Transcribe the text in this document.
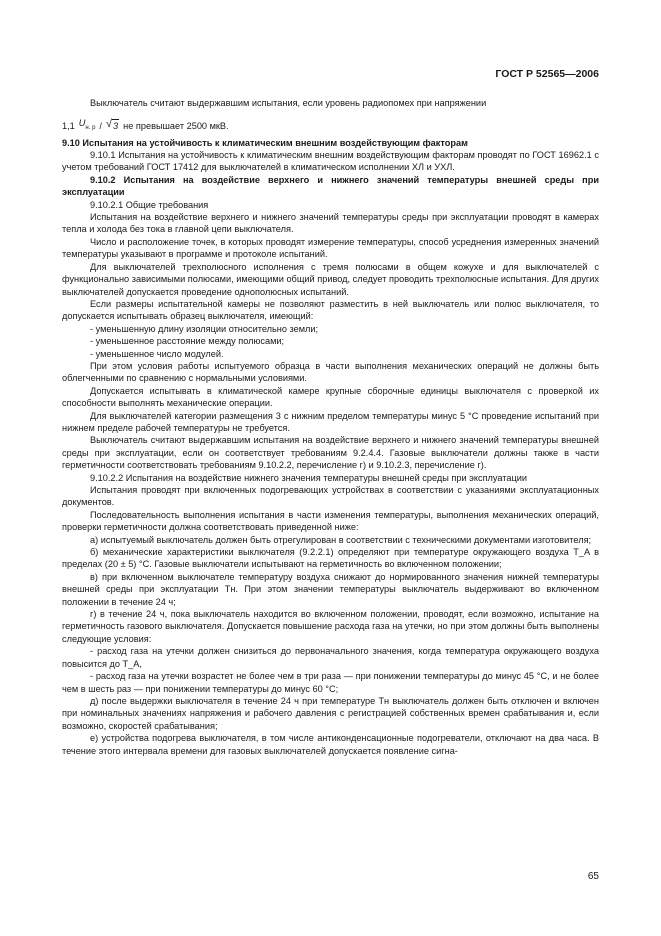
ГОСТ Р 52565—2006

Выключатель считают выдержавшим испытания, если уровень радиопомех при напряжении

1,1 $U_{н. р}$ / √ 3 не превышает 2500 мкВ.

9.10 Испытания на устойчивость к климатическим внешним воздействующим факторам

9.10.1 Испытания на устойчивость к климатическим внешним воздействующим факторам проводят по ГОСТ 16962.1 с учетом требований ГОСТ 17412 для выключателей в климатическом исполнении ХЛ и УХЛ.

9.10.2 Испытания на воздействие верхнего и нижнего значений температуры внешней среды при эксплуатации

9.10.2.1 Общие требования

Испытания на воздействие верхнего и нижнего значений температуры среды при эксплуатации проводят в камерах тепла и холода без тока в главной цепи выключателя.

Число и расположение точек, в которых проводят измерение температуры, способ усреднения измеренных значений температуры указывают в программе и протоколе испытаний.

Для выключателей трехполюсного исполнения с тремя полюсами в общем кожухе и для выключателей с функционально зависимыми полюсами, имеющими общий привод, следует проводить трехполюсные испытания. Для других выключателей допускается проведение однополюсных испытаний.

Если размеры испытательной камеры не позволяют разместить в ней выключатель или полюс выключателя, то допускается испытывать образец выключателя, имеющий:

- уменьшенную длину изоляции относительно земли;

- уменьшенное расстояние между полюсами;

- уменьшенное число модулей.

При этом условия работы испытуемого образца в части выполнения механических операций не должны быть облегченными по сравнению с нормальными условиями.

Допускается испытывать в климатической камере крупные сборочные единицы выключателя с проверкой их способности выполнять механические операции.

Для выключателей категории размещения 3 с нижним пределом температуры минус 5 °С проведение испытаний при нижнем пределе рабочей температуры не требуется.

Выключатель считают выдержавшим испытания на воздействие верхнего и нижнего значений температуры внешней среды при эксплуатации, если он соответствует требованиям 9.2.4.4. Газовые выключатели должны также в части герметичности соответствовать требованиям 9.10.2.2, перечисление г) и 9.10.2.3, перечисление г).

9.10.2.2 Испытания на воздействие нижнего значения температуры внешней среды при эксплуатации

Испытания проводят при включенных подогревающих устройствах в соответствии с указаниями эксплуатационных документов.

Последовательность выполнения испытания в части изменения температуры, выполнения механических операций, проверки герметичности должна соответствовать приведенной ниже:

а) испытуемый выключатель должен быть отрегулирован в соответствии с техническими документами изготовителя;

б) механические характеристики выключателя (9.2.2.1) определяют при температуре окружающего воздуха T_A в пределах (20 ± 5) °С. Газовые выключатели испытывают на герметичность во включенном положении;

в) при включенном выключателе температуру воздуха снижают до нормированного значения нижней температуры внешней среды при эксплуатации Tн. При этом значении температуры выключатель выдерживают во включенном положении в течение 24 ч;

г) в течение 24 ч, пока выключатель находится во включенном положении, проводят, если возможно, испытание на герметичность газового выключателя. Допускается повышение расхода газа на утечки, но при этом должны быть выполнены следующие условия:

- расход газа на утечки должен снизиться до первоначального значения, когда температура окружающего воздуха повысится до T_A,

- расход газа на утечки возрастет не более чем в три раза — при понижении температуры до минус 45 °С, и не более чем в шесть раз — при понижении температуры до минус 60 °С;

д) после выдержки выключателя в течение 24 ч при температуре Tн выключатель должен быть отключен и включен при номинальных значениях напряжения и рабочего давления с регистрацией собственных времен срабатывания и, если возможно, скоростей срабатывания;

е) устройства подогрева выключателя, в том числе антиконденсационные подогреватели, отключают на два часа. В течение этого интервала времени для газовых выключателей допускается появление сигна-

65
